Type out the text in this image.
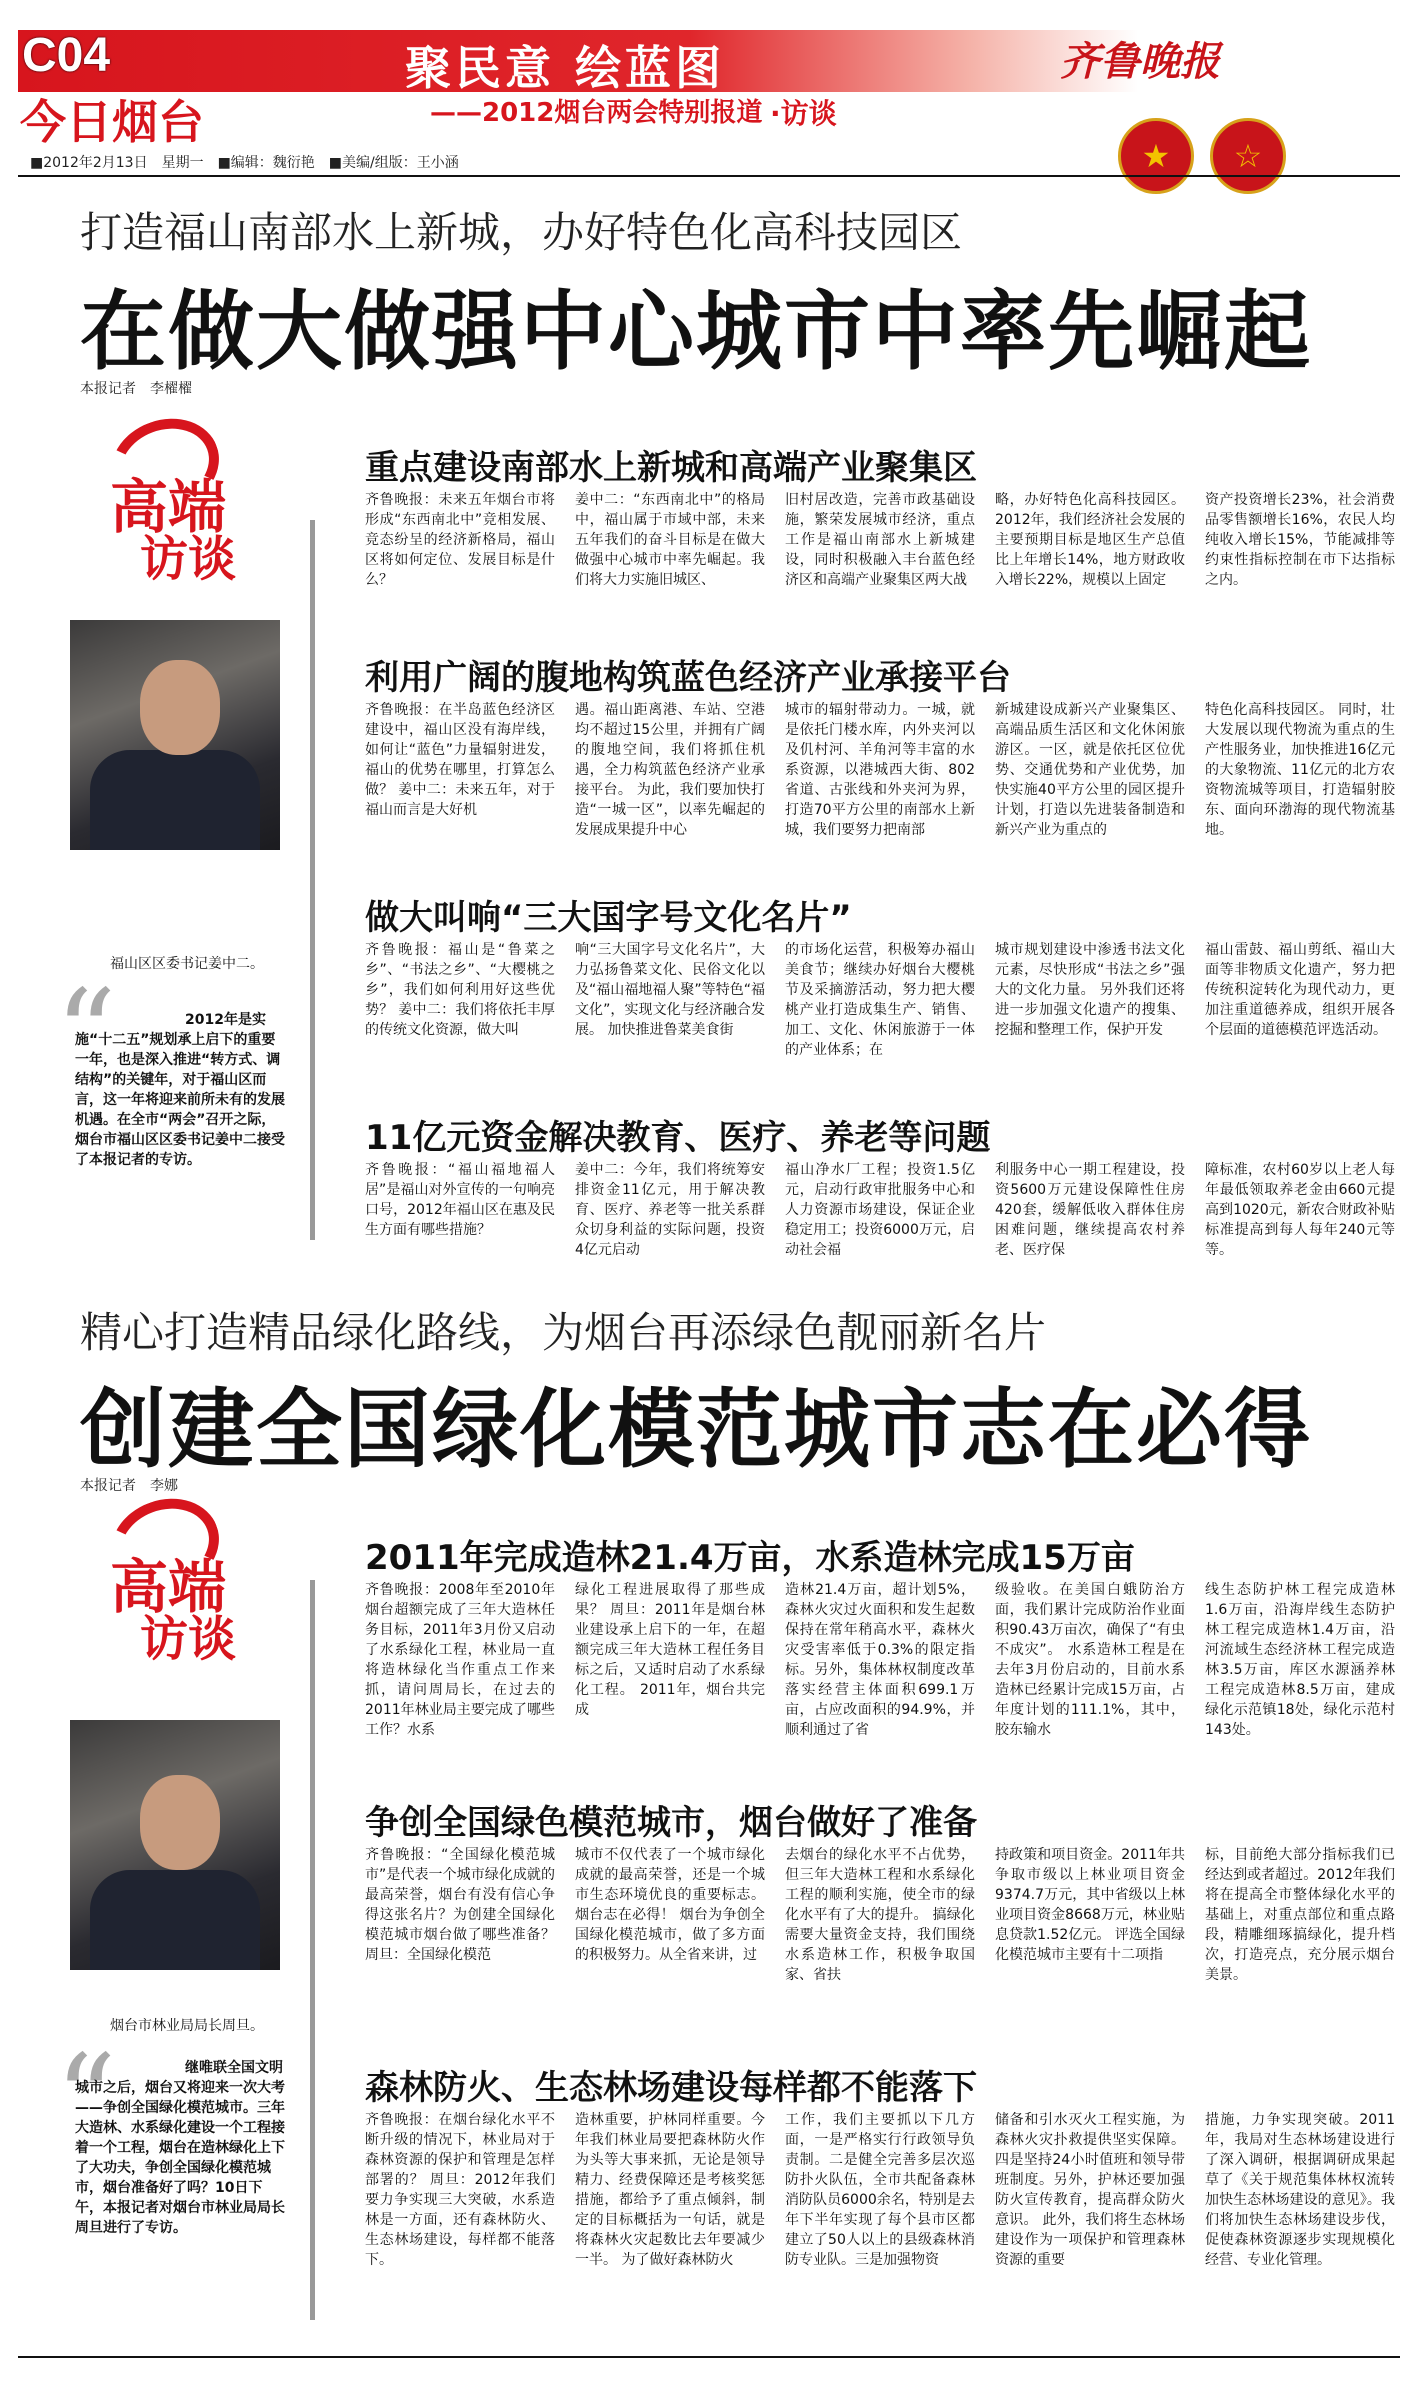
C04
今日烟台
聚民意 绘蓝图
——2012烟台两会特别报道 ·访谈
齐鲁晚报
★ ☆
■2012年2月13日　星期一　■编辑：魏衍艳　■美编/组版：王小涵
打造福山南部水上新城，办好特色化高科技园区
在做大做强中心城市中率先崛起
本报记者　李櫂櫂
高端
访谈
福山区区委书记姜中二。
“	2012年是实施“十二五”规划承上启下的重要一年，也是深入推进“转方式、调结构”的关键年，对于福山区而言，这一年将迎来前所未有的发展机遇。在全市“两会”召开之际，烟台市福山区区委书记姜中二接受了本报记者的专访。
重点建设南部水上新城和高端产业聚集区
齐鲁晚报：未来五年烟台市将形成“东西南北中”竞相发展、竞态纷呈的经济新格局，福山区将如何定位、发展目标是什么？
姜中二：“东西南北中”的格局中，福山属于市域中部，未来五年我们的奋斗目标是在做大做强中心城市中率先崛起。我们将大力实施旧城区、
旧村居改造，完善市政基础设施，繁荣发展城市经济，重点工作是福山南部水上新城建设，同时积极融入丰台蓝色经济区和高端产业聚集区两大战
略，办好特色化高科技园区。2012年，我们经济社会发展的主要预期目标是地区生产总值比上年增长14%，地方财政收入增长22%，规模以上固定
资产投资增长23%，社会消费品零售额增长16%，农民人均纯收入增长15%，节能减排等约束性指标控制在市下达指标之内。
利用广阔的腹地构筑蓝色经济产业承接平台
齐鲁晚报：在半岛蓝色经济区建设中，福山区没有海岸线，如何让“蓝色”力量辐射进发，福山的优势在哪里，打算怎么做？ 姜中二：未来五年，对于福山而言是大好机
遇。福山距离港、车站、空港均不超过15公里，并拥有广阔的腹地空间，我们将抓住机遇，全力构筑蓝色经济产业承接平台。 为此，我们要加快打造“一城一区”，以率先崛起的发展成果提升中心
城市的辐射带动力。一城，就是依托门楼水库，内外夹河以及仉村河、羊角河等丰富的水系资源，以港城西大街、802省道、古张线和外夹河为界，打造70平方公里的南部水上新城，我们要努力把南部
新城建设成新兴产业聚集区、高端品质生活区和文化休闲旅游区。一区，就是依托区位优势、交通优势和产业优势，加快实施40平方公里的园区提升计划，打造以先进装备制造和新兴产业为重点的
特色化高科技园区。 同时，壮大发展以现代物流为重点的生产性服务业，加快推进16亿元的大象物流、11亿元的北方农资物流城等项目，打造辐射胶东、面向环渤海的现代物流基地。
做大叫响“三大国字号文化名片”
齐鲁晚报：福山是“鲁菜之乡”、“书法之乡”、“大樱桃之乡”，我们如何利用好这些优势？ 姜中二：我们将依托丰厚的传统文化资源，做大叫
响“三大国字号文化名片”，大力弘扬鲁菜文化、民俗文化以及“福山福地福人聚”等特色“福文化”，实现文化与经济融合发展。 加快推进鲁菜美食街
的市场化运营，积极筹办福山美食节；继续办好烟台大樱桃节及采摘游活动，努力把大樱桃产业打造成集生产、销售、加工、文化、休闲旅游于一体的产业体系；在
城市规划建设中渗透书法文化元素，尽快形成“书法之乡”强大的文化力量。 另外我们还将进一步加强文化遗产的搜集、挖掘和整理工作，保护开发
福山雷鼓、福山剪纸、福山大面等非物质文化遗产，努力把传统积淀转化为现代动力，更加注重道德养成，组织开展各个层面的道德模范评选活动。
11亿元资金解决教育、医疗、养老等问题
齐鲁晚报：“福山福地福人居”是福山对外宣传的一句响亮口号，2012年福山区在惠及民生方面有哪些措施？
姜中二：今年，我们将统筹安排资金11亿元，用于解决教育、医疗、养老等一批关系群众切身利益的实际问题，投资4亿元启动
福山净水厂工程；投资1.5亿元，启动行政审批服务中心和人力资源市场建设，保证企业稳定用工；投资6000万元，启动社会福
利服务中心一期工程建设，投资5600万元建设保障性住房420套，缓解低收入群体住房困难问题，继续提高农村养老、医疗保
障标准，农村60岁以上老人每年最低领取养老金由660元提高到1020元，新农合财政补贴标准提高到每人每年240元等等。
精心打造精品绿化路线，为烟台再添绿色靓丽新名片
创建全国绿化模范城市志在必得
本报记者　李娜
高端
访谈
烟台市林业局局长周旦。
“	继唯联全国文明城市之后，烟台又将迎来一次大考——争创全国绿化模范城市。三年大造林、水系绿化建设一个工程接着一个工程，烟台在造林绿化上下了大功夫，争创全国绿化模范城市，烟台准备好了吗？10日下午，本报记者对烟台市林业局局长周旦进行了专访。
2011年完成造林21.4万亩，水系造林完成15万亩
齐鲁晚报：2008年至2010年烟台超额完成了三年大造林任务目标，2011年3月份又启动了水系绿化工程，林业局一直将造林绿化当作重点工作来抓，请问周局长，在过去的2011年林业局主要完成了哪些工作？水系
绿化工程进展取得了那些成果？ 周旦：2011年是烟台林业建设承上启下的一年，在超额完成三年大造林工程任务目标之后，又适时启动了水系绿化工程。 2011年，烟台共完成
造林21.4万亩，超计划5%，森林火灾过火面积和发生起数保持在常年稍高水平，森林火灾受害率低于0.3%的限定指标。另外，集体林权制度改革落实经营主体面积699.1万亩，占应改面积的94.9%，并顺利通过了省
级验收。在美国白蛾防治方面，我们累计完成防治作业面积90.43万亩次，确保了“有虫不成灾”。 水系造林工程是在去年3月份启动的，目前水系造林已经累计完成15万亩，占年度计划的111.1%，其中，胶东输水
线生态防护林工程完成造林1.6万亩，沿海岸线生态防护林工程完成造林1.4万亩，沿河流域生态经济林工程完成造林3.5万亩，库区水源涵养林工程完成造林8.5万亩，建成绿化示范镇18处，绿化示范村143处。
争创全国绿色模范城市，烟台做好了准备
齐鲁晚报：“全国绿化模范城市”是代表一个城市绿化成就的最高荣誉，烟台有没有信心争得这张名片？为创建全国绿化模范城市烟台做了哪些准备？ 周旦：全国绿化模范
城市不仅代表了一个城市绿化成就的最高荣誉，还是一个城市生态环境优良的重要标志。烟台志在必得！ 烟台为争创全国绿化模范城市，做了多方面的积极努力。从全省来讲，过
去烟台的绿化水平不占优势，但三年大造林工程和水系绿化工程的顺利实施，使全市的绿化水平有了大的提升。 搞绿化需要大量资金支持，我们围绕水系造林工作，积极争取国家、省扶
持政策和项目资金。2011年共争取市级以上林业项目资金9374.7万元，其中省级以上林业项目资金8668万元，林业贴息贷款1.52亿元。 评选全国绿化模范城市主要有十二项指
标，目前绝大部分指标我们已经达到或者超过。2012年我们将在提高全市整体绿化水平的基础上，对重点部位和重点路段，精雕细琢搞绿化，提升档次，打造亮点，充分展示烟台美景。
森林防火、生态林场建设每样都不能落下
齐鲁晚报：在烟台绿化水平不断升级的情况下，林业局对于森林资源的保护和管理是怎样部署的？ 周旦：2012年我们要力争实现三大突破，水系造林是一方面，还有森林防火、生态林场建设，每样都不能落下。
造林重要，护林同样重要。今年我们林业局要把森林防火作为头等大事来抓，无论是领导精力、经费保障还是考核奖惩措施，都给予了重点倾斜，制定的目标概括为一句话，就是将森林火灾起数比去年要减少一半。 为了做好森林防火
工作，我们主要抓以下几方面，一是严格实行行政领导负责制。二是健全完善多层次巡防扑火队伍，全市共配备森林消防队员6000余名，特别是去年下半年实现了每个县市区都建立了50人以上的县级森林消防专业队。三是加强物资
储备和引水灭火工程实施，为森林火灾扑救提供坚实保障。四是坚持24小时值班和领导带班制度。另外，护林还要加强防火宣传教育，提高群众防火意识。 此外，我们将生态林场建设作为一项保护和管理森林资源的重要
措施，力争实现突破。2011年，我局对生态林场建设进行了深入调研，根据调研成果起草了《关于规范集体林权流转加快生态林场建设的意见》。我们将加快生态林场建设步伐，促使森林资源逐步实现规模化经营、专业化管理。
